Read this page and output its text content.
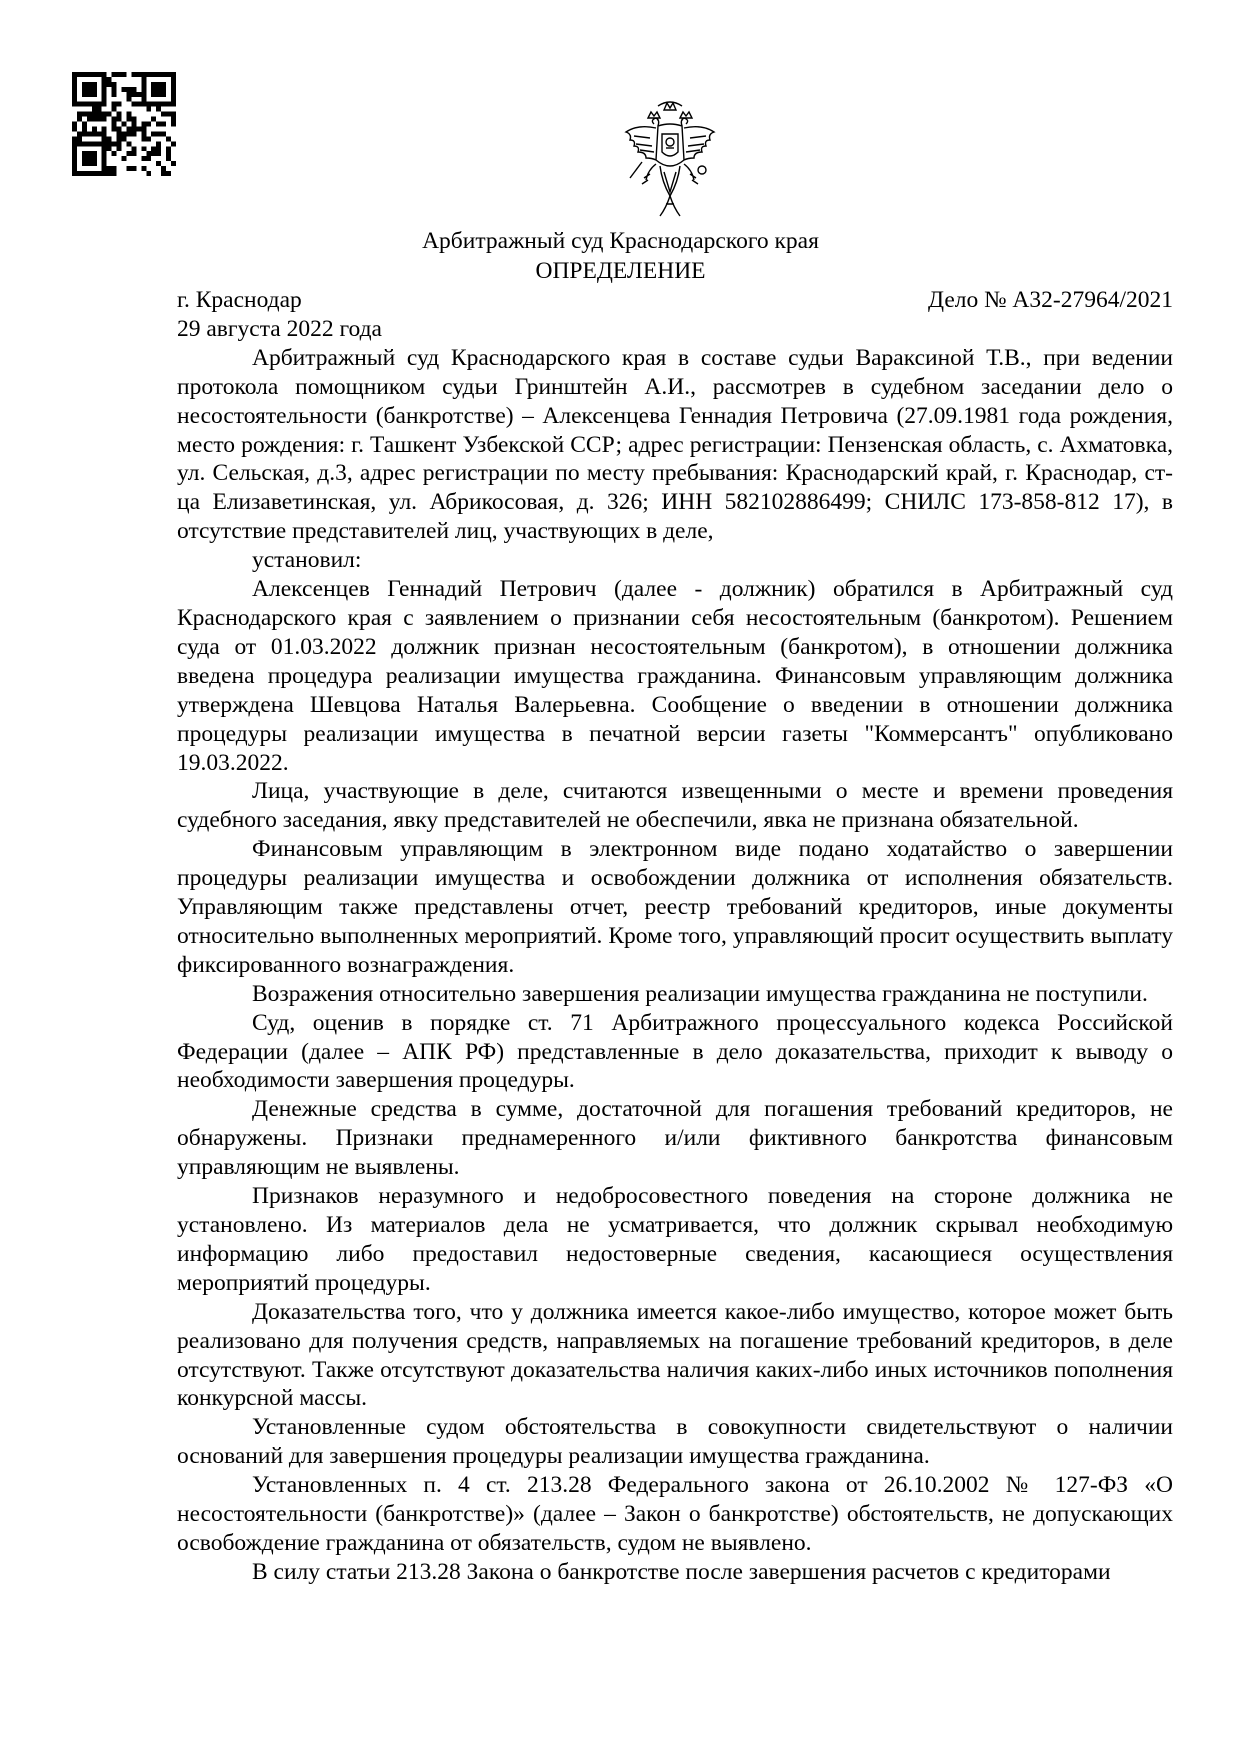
Арбитражный суд Краснодарского края
ОПРЕДЕЛЕНИЕ
г. Краснодар	Дело № А32-27964/2021
29 августа 2022 года

Арбитражный суд Краснодарского края в составе судьи Вараксиной Т.В., при ведении протокола помощником судьи Гринштейн А.И., рассмотрев в судебном заседании дело о несостоятельности (банкротстве) – Алексенцева Геннадия Петровича (27.09.1981 года рождения, место рождения: г. Ташкент Узбекской ССР; адрес регистрации: Пензенская область, с. Ахматовка, ул. Сельская, д.3, адрес регистрации по месту пребывания: Краснодарский край, г. Краснодар, ст-ца Елизаветинская, ул. Абрикосовая, д. 326; ИНН 582102886499; СНИЛС 173-858-812 17), в отсутствие представителей лиц, участвующих в деле,

установил:

Алексенцев Геннадий Петрович (далее - должник) обратился в Арбитражный суд Краснодарского края с заявлением о признании себя несостоятельным (банкротом). Решением суда от 01.03.2022 должник признан несостоятельным (банкротом), в отношении должника введена процедура реализации имущества гражданина. Финансовым управляющим должника утверждена Шевцова Наталья Валерьевна. Сообщение о введении в отношении должника процедуры реализации имущества в печатной версии газеты "Коммерсантъ" опубликовано 19.03.2022.

Лица, участвующие в деле, считаются извещенными о месте и времени проведения судебного заседания, явку представителей не обеспечили, явка не признана обязательной.

Финансовым управляющим в электронном виде подано ходатайство о завершении процедуры реализации имущества и освобождении должника от исполнения обязательств. Управляющим также представлены отчет, реестр требований кредиторов, иные документы относительно выполненных мероприятий. Кроме того, управляющий просит осуществить выплату фиксированного вознаграждения.

Возражения относительно завершения реализации имущества гражданина не поступили.

Суд, оценив в порядке ст. 71 Арбитражного процессуального кодекса Российской Федерации (далее – АПК РФ) представленные в дело доказательства, приходит к выводу о необходимости завершения процедуры.

Денежные средства в сумме, достаточной для погашения требований кредиторов, не обнаружены. Признаки преднамеренного и/или фиктивного банкротства финансовым управляющим не выявлены.

Признаков неразумного и недобросовестного поведения на стороне должника не установлено. Из материалов дела не усматривается, что должник скрывал необходимую информацию либо предоставил недостоверные сведения, касающиеся осуществления мероприятий процедуры.

Доказательства того, что у должника имеется какое-либо имущество, которое может быть реализовано для получения средств, направляемых на погашение требований кредиторов, в деле отсутствуют. Также отсутствуют доказательства наличия каких-либо иных источников пополнения конкурсной массы.

Установленные судом обстоятельства в совокупности свидетельствуют о наличии оснований для завершения процедуры реализации имущества гражданина.

Установленных п. 4 ст. 213.28 Федерального закона от 26.10.2002 № 127-ФЗ «О несостоятельности (банкротстве)» (далее – Закон о банкротстве) обстоятельств, не допускающих освобождение гражданина от обязательств, судом не выявлено.

В силу статьи 213.28 Закона о банкротстве после завершения расчетов с кредиторами
